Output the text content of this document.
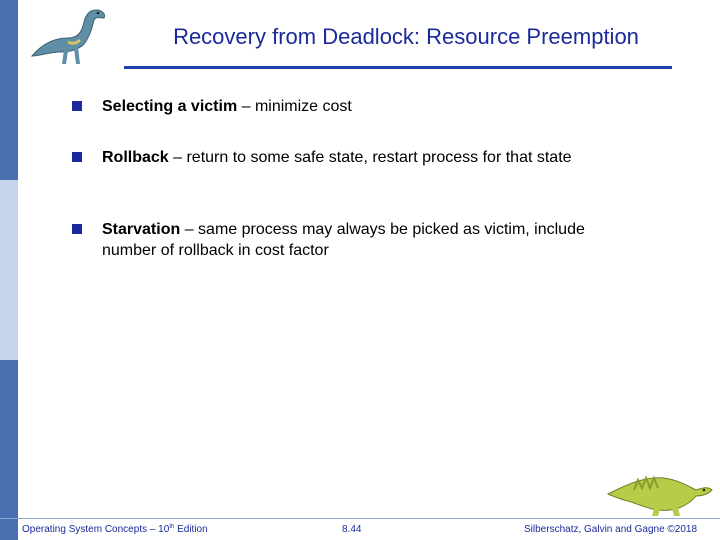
Recovery from Deadlock: Resource Preemption
Selecting a victim – minimize cost
Rollback – return to some safe state, restart process for that state
Starvation – same process may always be picked as victim, include number of rollback in cost factor
Operating System Concepts – 10th Edition	8.44	Silberschatz, Galvin and Gagne ©2018
